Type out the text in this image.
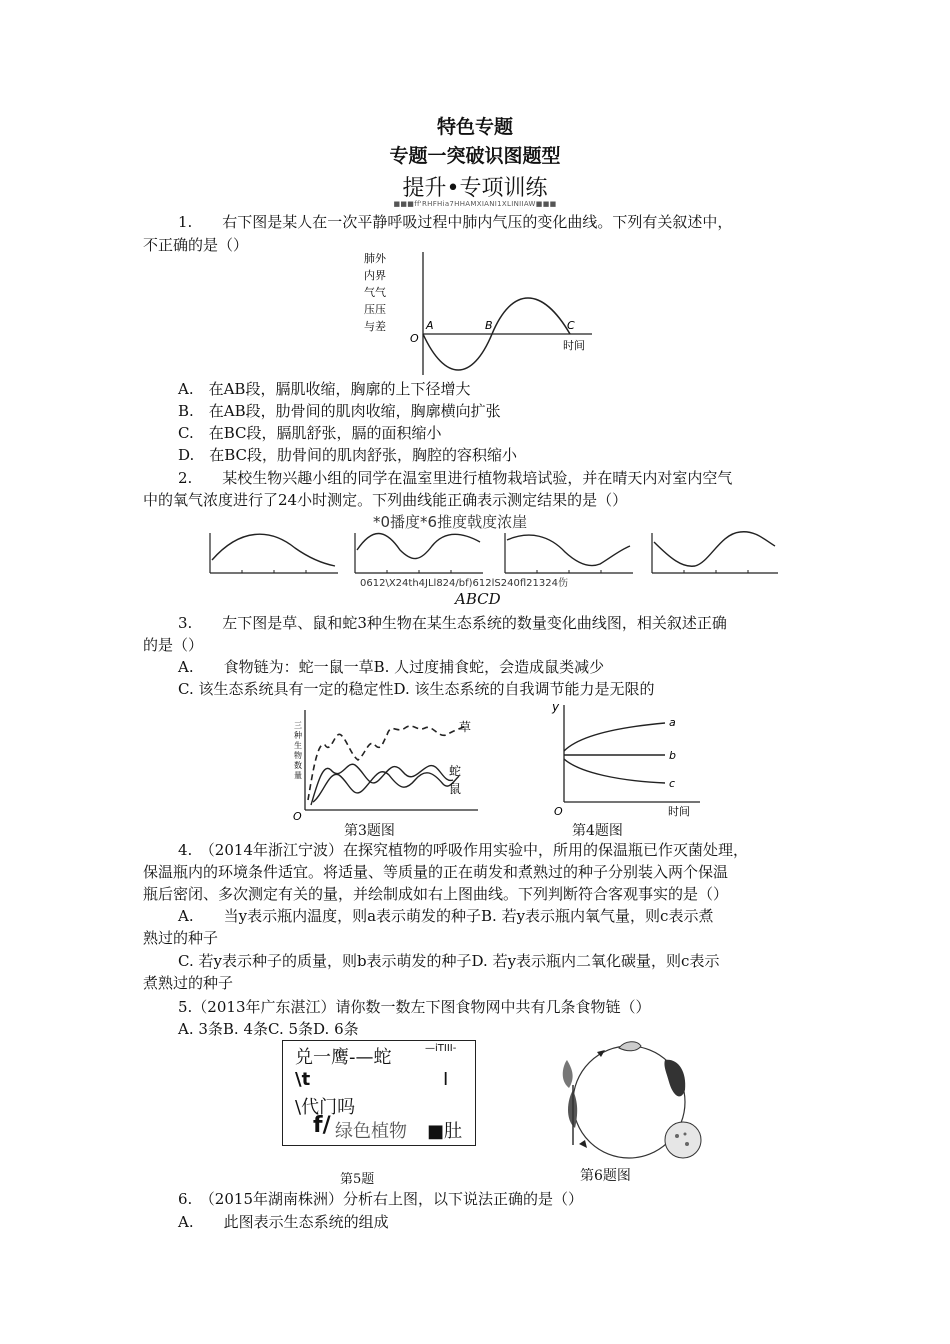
特色专题
专题一突破识图题型
提升•专项训练
■■■ff'RHFHia7HHAMXIANI1XLINIIAW■■■
1.　　右下图是某人在一次平静呼吸过程中肺内气压的变化曲线。下列有关叙述中，
不正确的是（）
肺外
内界
气气
压压
与差	A	B	C
O
时间
A.　在AB段，膈肌收缩，胸廓的上下径增大
B.　在AB段，肋骨间的肌肉收缩，胸廓横向扩张
C.　在BC段，膈肌舒张，膈的面积缩小
D.　在BC段，肋骨间的肌肉舒张，胸腔的容积缩小
2.　　某校生物兴趣小组的同学在温室里进行植物栽培试验，并在晴天内对室内空气
中的氧气浓度进行了24小时测定。下列曲线能正确表示测定结果的是（）
*0播度*6推度戟度浓崖
0612\X24th4JLl824/bf)612lS240fl21324伤
ABCD
3.　　左下图是草、鼠和蛇3种生物在某生态系统的数量变化曲线图，相关叙述正确
的是（）
A.　　食物链为：蛇一鼠一草B. 人过度捕食蛇，会造成鼠类减少
C. 该生态系统具有一定的稳定性D. 该生态系统的自我调节能力是无限的
三
种
生
物
数
量
草
蛇
鼠
O
y
a
b
c
O	时间
第3题图	第4题图
4.　（2014年浙江宁波）在探究植物的呼吸作用实验中，所用的保温瓶已作灭菌处理，
保温瓶内的环境条件适宜。将适量、等质量的正在萌发和煮熟过的种子分别装入两个保温
瓶后密闭、多次测定有关的量，并绘制成如右上图曲线。下列判断符合客观事实的是（）
A.　　当y表示瓶内温度，则a表示萌发的种子B. 若y表示瓶内氧气量，则c表示煮
熟过的种子
C. 若y表示种子的质量，则b表示萌发的种子D. 若y表示瓶内二氧化碳量，则c表示
煮熟过的种子
5.（2013年广东湛江）请你数一数左下图食物网中共有几条食物链（）
A. 3条B. 4条C. 5条D. 6条
兑一鹰-—蛇	—iTIII-
\t	I
\代门吗
f/ 绿色植物 ■肚
第5题	第6题图
6.　（2015年湖南株洲）分析右上图，以下说法正确的是（）
A.　　此图表示生态系统的组成
